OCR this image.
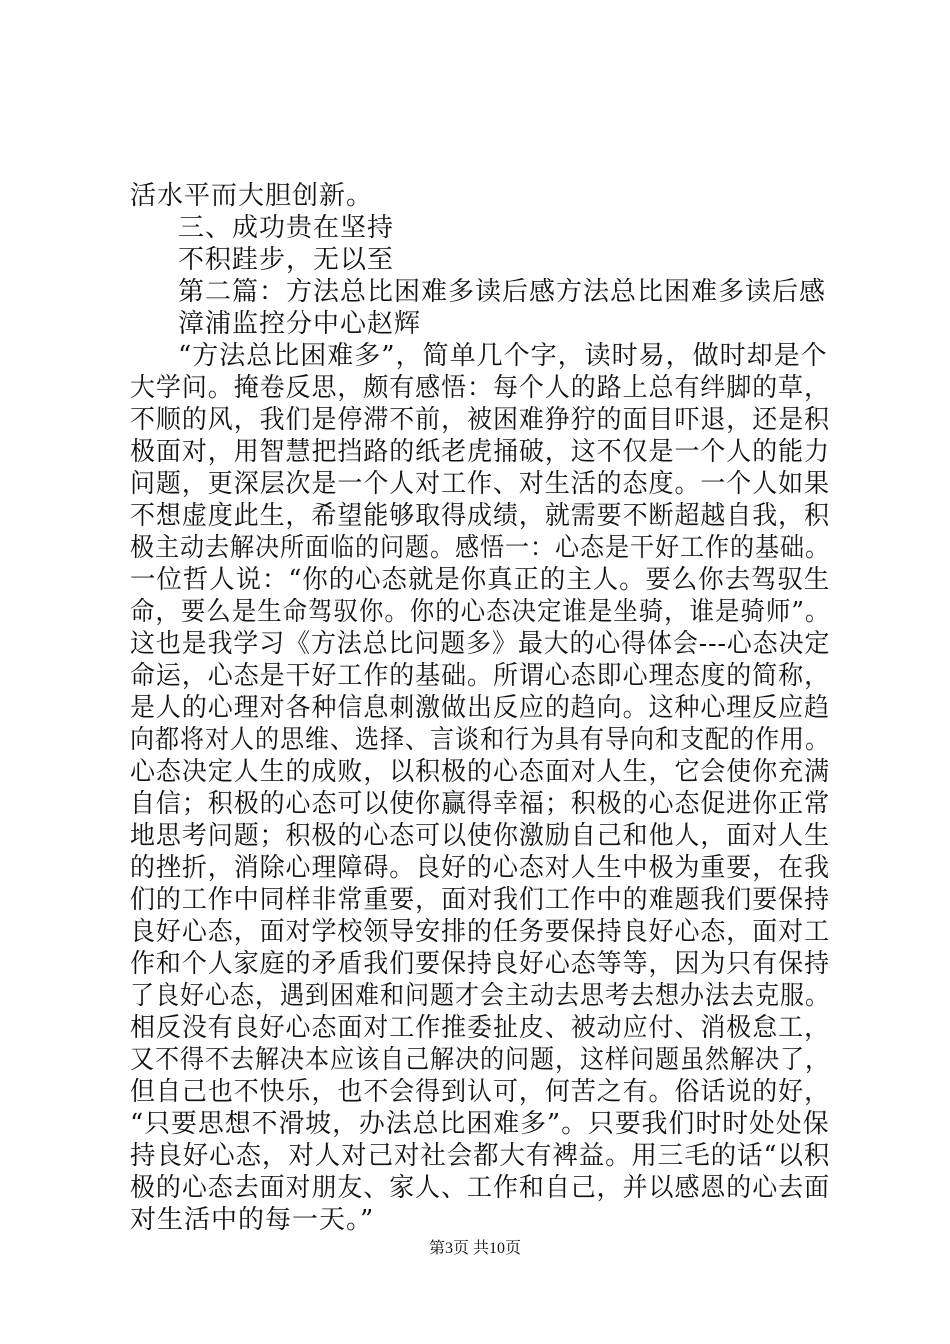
活水平而大胆创新。
三、成功贵在坚持
不积跬步，无以至
第二篇：方法总比困难多读后感方法总比困难多读后感
漳浦监控分中心赵辉
“方法总比困难多”，简单几个字，读时易，做时却是个
大学问。掩卷反思，颇有感悟：每个人的路上总有绊脚的草，
不顺的风，我们是停滞不前，被困难狰狞的面目吓退，还是积
极面对，用智慧把挡路的纸老虎捅破，这不仅是一个人的能力
问题，更深层次是一个人对工作、对生活的态度。一个人如果
不想虚度此生，希望能够取得成绩，就需要不断超越自我，积
极主动去解决所面临的问题。感悟一：心态是干好工作的基础。
一位哲人说：“你的心态就是你真正的主人。要么你去驾驭生
命，要么是生命驾驭你。你的心态决定谁是坐骑，谁是骑师”。
这也是我学习《方法总比问题多》最大的心得体会---心态决定
命运，心态是干好工作的基础。所谓心态即心理态度的简称，
是人的心理对各种信息刺激做出反应的趋向。这种心理反应趋
向都将对人的思维、选择、言谈和行为具有导向和支配的作用。
心态决定人生的成败，以积极的心态面对人生，它会使你充满
自信；积极的心态可以使你赢得幸福；积极的心态促进你正常
地思考问题；积极的心态可以使你激励自己和他人，面对人生
的挫折，消除心理障碍。良好的心态对人生中极为重要，在我
们的工作中同样非常重要，面对我们工作中的难题我们要保持
良好心态，面对学校领导安排的任务要保持良好心态，面对工
作和个人家庭的矛盾我们要保持良好心态等等，因为只有保持
了良好心态，遇到困难和问题才会主动去思考去想办法去克服。
相反没有良好心态面对工作推委扯皮、被动应付、消极怠工，
又不得不去解决本应该自己解决的问题，这样问题虽然解决了，
但自己也不快乐，也不会得到认可，何苦之有。俗话说的好，
“只要思想不滑坡，办法总比困难多”。只要我们时时处处保
持良好心态，对人对己对社会都大有裨益。用三毛的话“以积
极的心态去面对朋友、家人、工作和自己，并以感恩的心去面
对生活中的每一天。”
第3页 共10页
